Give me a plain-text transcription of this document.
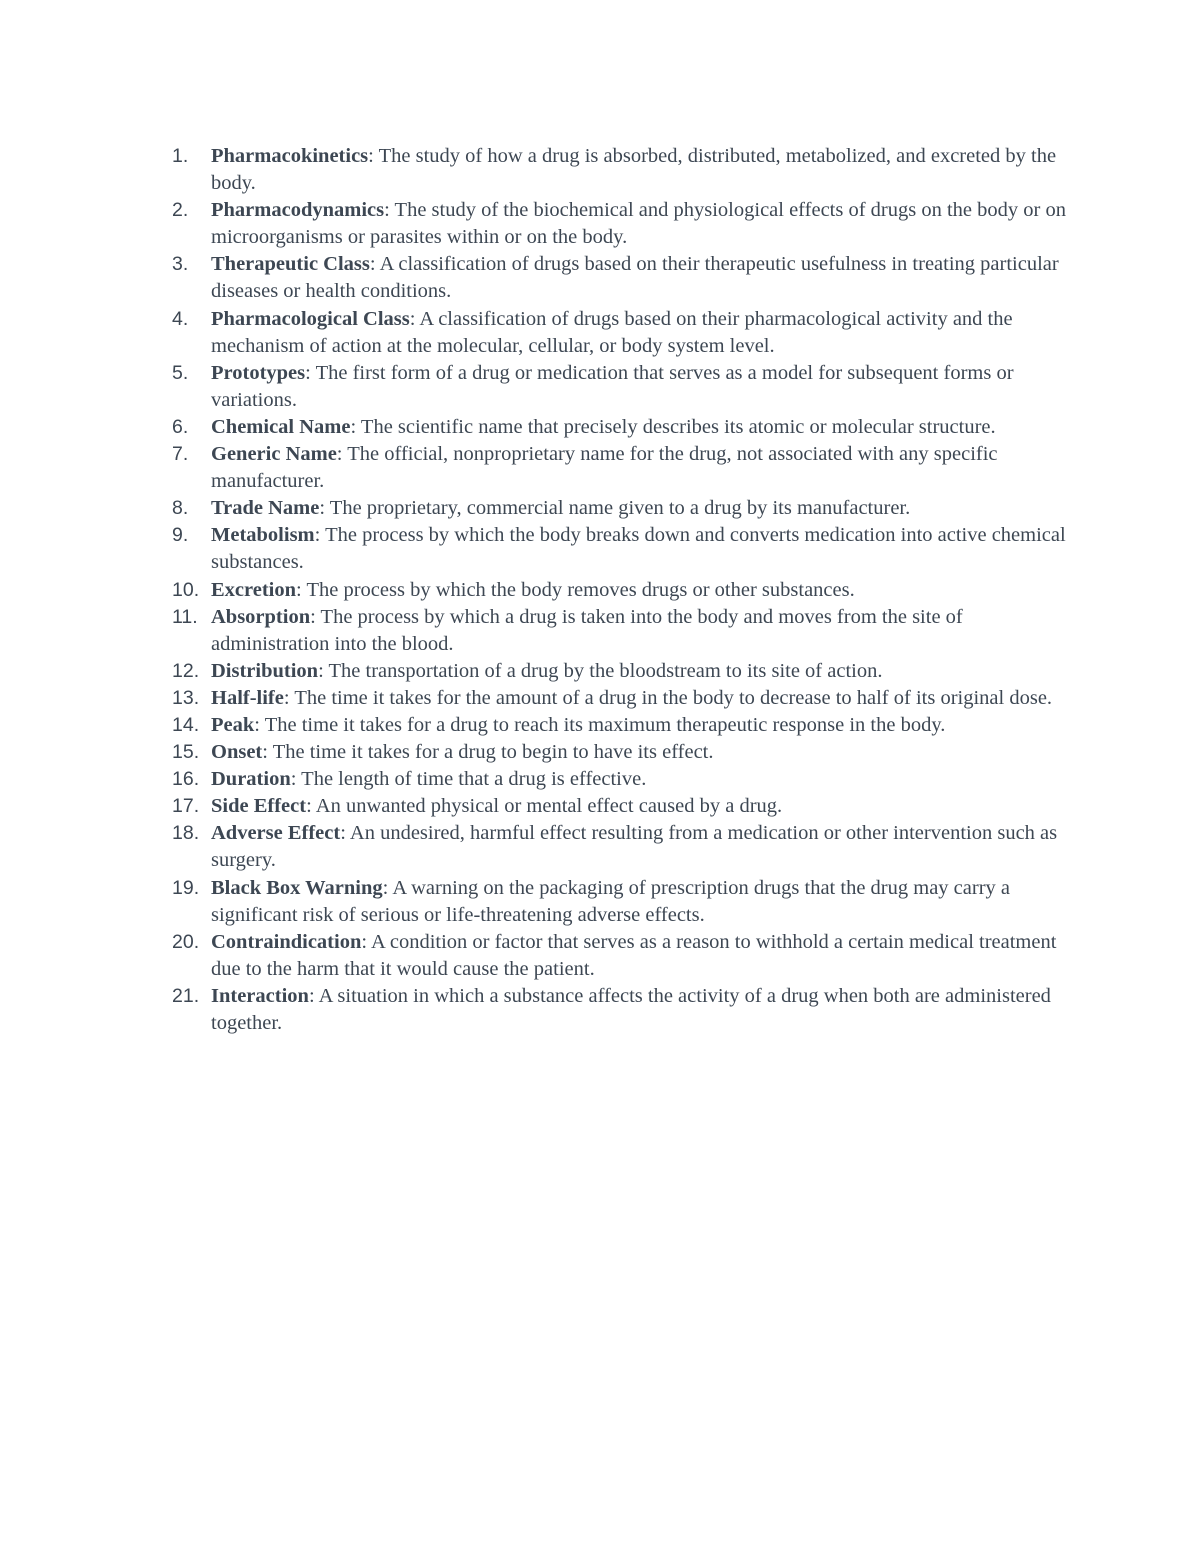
1.	Pharmacokinetics: The study of how a drug is absorbed, distributed, metabolized, and excreted by the body.
2.	Pharmacodynamics: The study of the biochemical and physiological effects of drugs on the body or on microorganisms or parasites within or on the body.
3.	Therapeutic Class: A classification of drugs based on their therapeutic usefulness in treating particular diseases or health conditions.
4.	Pharmacological Class: A classification of drugs based on their pharmacological activity and the mechanism of action at the molecular, cellular, or body system level.
5.	Prototypes: The first form of a drug or medication that serves as a model for subsequent forms or variations.
6.	Chemical Name: The scientific name that precisely describes its atomic or molecular structure.
7.	Generic Name: The official, nonproprietary name for the drug, not associated with any specific manufacturer.
8.	Trade Name: The proprietary, commercial name given to a drug by its manufacturer.
9.	Metabolism: The process by which the body breaks down and converts medication into active chemical substances.
10. Excretion: The process by which the body removes drugs or other substances.
11. Absorption: The process by which a drug is taken into the body and moves from the site of administration into the blood.
12. Distribution: The transportation of a drug by the bloodstream to its site of action.
13. Half-life: The time it takes for the amount of a drug in the body to decrease to half of its original dose.
14. Peak: The time it takes for a drug to reach its maximum therapeutic response in the body.
15. Onset: The time it takes for a drug to begin to have its effect.
16. Duration: The length of time that a drug is effective.
17. Side Effect: An unwanted physical or mental effect caused by a drug.
18. Adverse Effect: An undesired, harmful effect resulting from a medication or other intervention such as surgery.
19. Black Box Warning: A warning on the packaging of prescription drugs that the drug may carry a significant risk of serious or life-threatening adverse effects.
20. Contraindication: A condition or factor that serves as a reason to withhold a certain medical treatment due to the harm that it would cause the patient.
21. Interaction: A situation in which a substance affects the activity of a drug when both are administered together.
